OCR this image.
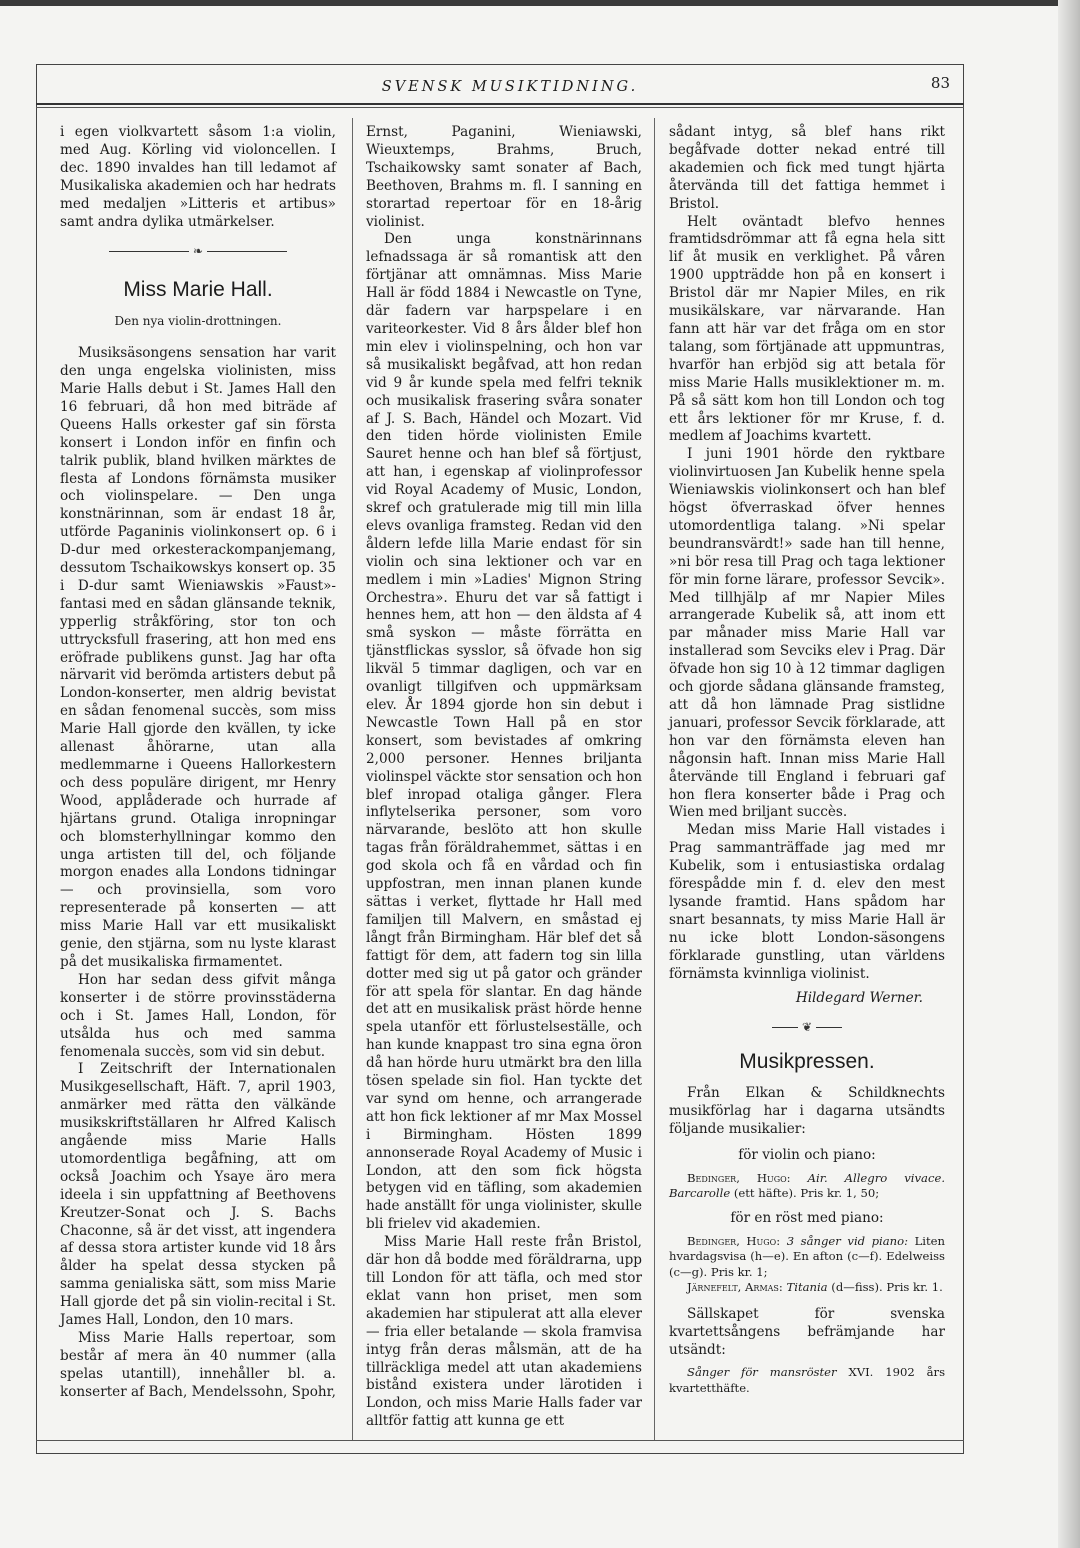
SVENSK MUSIKTIDNING.	83

i egen violkvartett såsom 1:a violin, med Aug. Körling vid violoncellen. I dec. 1890 invaldes han till ledamot af Musikaliska akademien och har hedrats med medaljen »Litteris et artibus» samt andra dylika utmärkelser.

❧
Miss Marie Hall.
Den nya violin-drottningen.

Musiksäsongens sensation har varit den unga engelska violinisten, miss Marie Halls debut i St. James Hall den 16 februari, då hon med biträde af Queens Halls orkester gaf sin första konsert i London inför en finfin och talrik publik, bland hvilken märktes de flesta af Londons förnämsta musiker och violinspelare. — Den unga konstnärinnan, som är endast 18 år, utförde Paganinis violinkonsert op. 6 i D-dur med orkesterackompanjemang, dessutom Tschaikowskys konsert op. 35 i D-dur samt Wieniawskis »Faust»-fantasi med en sådan glänsande teknik, ypperlig stråkföring, stor ton och uttrycksfull frasering, att hon med ens eröfrade publikens gunst. Jag har ofta närvarit vid berömda artisters debut på London-konserter, men aldrig bevistat en sådan fenomenal succès, som miss Marie Hall gjorde den kvällen, ty icke allenast åhörarne, utan alla medlemmarne i Queens Hallorkestern och dess populäre dirigent, mr Henry Wood, applåderade och hurrade af hjärtans grund. Otaliga inropningar och blomsterhyllningar kommo den unga artisten till del, och följande morgon enades alla Londons tidningar — och provinsiella, som voro representerade på konserten — att miss Marie Hall var ett musikaliskt genie, den stjärna, som nu lyste klarast på det musikaliska firmamentet.

Hon har sedan dess gifvit många konserter i de större provinsstäderna och i St. James Hall, London, för utsålda hus och med samma fenomenala succès, som vid sin debut.

I Zeitschrift der Internationalen Musikgesellschaft, Häft. 7, april 1903, anmärker med rätta den välkände musikskriftställaren hr Alfred Kalisch angående miss Marie Halls utomordentliga begåfning, att om också Joachim och Ysaye äro mera ideela i sin uppfattning af Beethovens Kreutzer-Sonat och J. S. Bachs Chaconne, så är det visst, att ingendera af dessa stora artister kunde vid 18 års ålder ha spelat dessa stycken på samma genialiska sätt, som miss Marie Hall gjorde det på sin violin-recital i St. James Hall, London, den 10 mars.

Miss Marie Halls repertoar, som består af mera än 40 nummer (alla spelas utantill), innehåller bl. a. konserter af Bach, Mendelssohn, Spohr,

Ernst, Paganini, Wieniawski, Wieuxtemps, Brahms, Bruch, Tschaikowsky samt sonater af Bach, Beethoven, Brahms m. fl. I sanning en storartad repertoar för en 18-årig violinist.

Den unga konstnärinnans lefnadssaga är så romantisk att den förtjänar att omnämnas. Miss Marie Hall är född 1884 i Newcastle on Tyne, där fadern var harpspelare i en variteorkester. Vid 8 års ålder blef hon min elev i violinspelning, och hon var så musikaliskt begåfvad, att hon redan vid 9 år kunde spela med felfri teknik och musikalisk frasering svåra sonater af J. S. Bach, Händel och Mozart. Vid den tiden hörde violinisten Emile Sauret henne och han blef så förtjust, att han, i egenskap af violinprofessor vid Royal Academy of Music, London, skref och gratulerade mig till min lilla elevs ovanliga framsteg. Redan vid den åldern lefde lilla Marie endast för sin violin och sina lektioner och var en medlem i min »Ladies' Mignon String Orchestra». Ehuru det var så fattigt i hennes hem, att hon — den äldsta af 4 små syskon — måste förrätta en tjänstflickas sysslor, så öfvade hon sig likväl 5 timmar dagligen, och var en ovanligt tillgifven och uppmärksam elev. År 1894 gjorde hon sin debut i Newcastle Town Hall på en stor konsert, som bevistades af omkring 2,000 personer. Hennes briljanta violinspel väckte stor sensation och hon blef inropad otaliga gånger. Flera inflytelserika personer, som voro närvarande, beslöto att hon skulle tagas från föräldrahemmet, sättas i en god skola och få en vårdad och fin uppfostran, men innan planen kunde sättas i verket, flyttade hr Hall med familjen till Malvern, en småstad ej långt från Birmingham. Här blef det så fattigt för dem, att fadern tog sin lilla dotter med sig ut på gator och gränder för att spela för slantar. En dag hände det att en musikalisk präst hörde henne spela utanför ett förlustelseställe, och han kunde knappast tro sina egna öron då han hörde huru utmärkt bra den lilla tösen spelade sin fiol. Han tyckte det var synd om henne, och arrangerade att hon fick lektioner af mr Max Mossel i Birmingham. Hösten 1899 annonserade Royal Academy of Music i London, att den som fick högsta betygen vid en täfling, som akademien hade anställt för unga violinister, skulle bli frielev vid akademien.

Miss Marie Hall reste från Bristol, där hon då bodde med föräldrarna, upp till London för att täfla, och med stor eklat vann hon priset, men som akademien har stipulerat att alla elever — fria eller betalande — skola framvisa intyg från deras målsmän, att de ha tillräckliga medel att utan akademiens bistånd existera under lärotiden i London, och miss Marie Halls fader var alltför fattig att kunna ge ett

sådant intyg, så blef hans rikt begåfvade dotter nekad entré till akademien och fick med tungt hjärta återvända till det fattiga hemmet i Bristol.

Helt oväntadt blefvo hennes framtidsdrömmar att få egna hela sitt lif åt musik en verklighet. På våren 1900 uppträdde hon på en konsert i Bristol där mr Napier Miles, en rik musikälskare, var närvarande. Han fann att här var det fråga om en stor talang, som förtjänade att uppmuntras, hvarför han erbjöd sig att betala för miss Marie Halls musiklektioner m. m. På så sätt kom hon till London och tog ett års lektioner för mr Kruse, f. d. medlem af Joachims kvartett.

I juni 1901 hörde den ryktbare violinvirtuosen Jan Kubelik henne spela Wieniawskis violinkonsert och han blef högst öfverraskad öfver hennes utomordentliga talang. »Ni spelar beundransvärdt!» sade han till henne, »ni bör resa till Prag och taga lektioner för min forne lärare, professor Sevcik». Med tillhjälp af mr Napier Miles arrangerade Kubelik så, att inom ett par månader miss Marie Hall var installerad som Sevciks elev i Prag. Där öfvade hon sig 10 à 12 timmar dagligen och gjorde sådana glänsande framsteg, att då hon lämnade Prag sistlidne januari, professor Sevcik förklarade, att hon var den förnämsta eleven han någonsin haft. Innan miss Marie Hall återvände till England i februari gaf hon flera konserter både i Prag och Wien med briljant succès.

Medan miss Marie Hall vistades i Prag sammanträffade jag med mr Kubelik, som i entusiastiska ordalag förespådde min f. d. elev den mest lysande framtid. Hans spådom har snart besannats, ty miss Marie Hall är nu icke blott London-säsongens förklarade gunstling, utan världens förnämsta kvinnliga violinist.

Hildegard Werner.
❦
Musikpressen.

Från Elkan & Schildknechts musikförlag har i dagarna utsändts följande musikalier:

för violin och piano:

Bedinger, Hugo: Air. Allegro vivace. Barcarolle (ett häfte). Pris kr. 1, 50;

för en röst med piano:

Bedinger, Hugo: 3 sånger vid piano: Liten hvardagsvisa (h—e). En afton (c—f). Edelweiss (c—g). Pris kr. 1;

Järnefelt, Armas: Titania (d—fiss). Pris kr. 1.

Sällskapet för svenska kvartettsångens befrämjande har utsändt:

Sånger för mansröster XVI. 1902 års kvartetthäfte.
